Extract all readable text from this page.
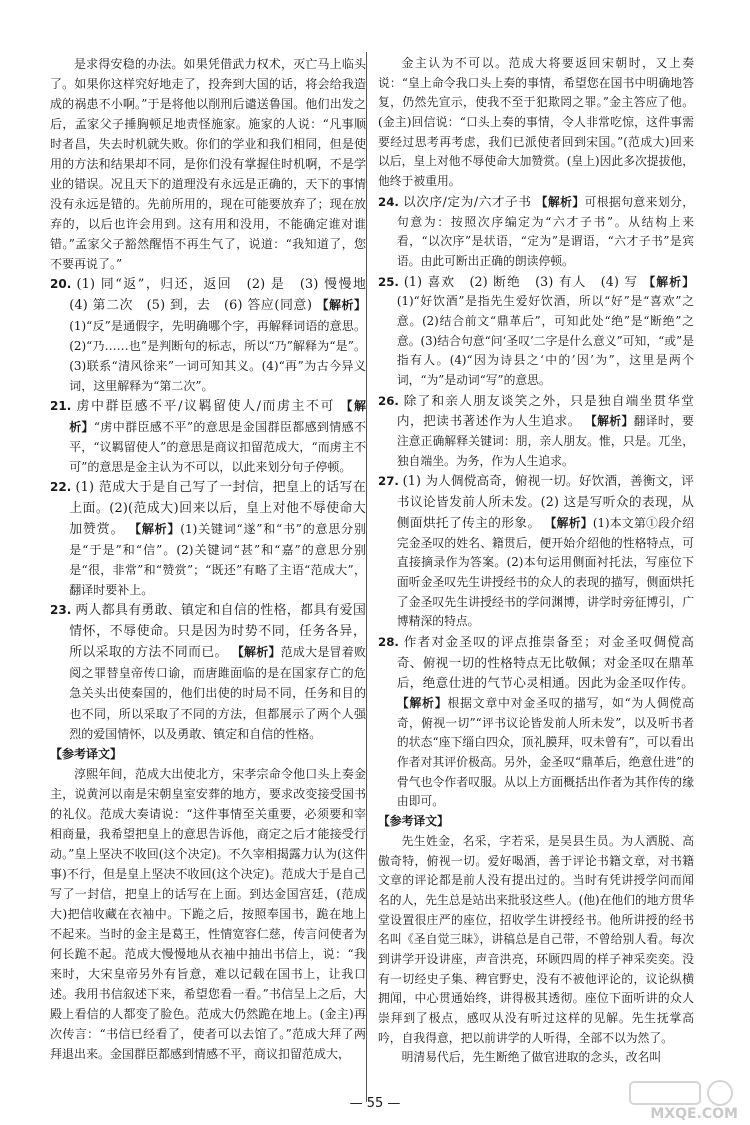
是求得安稳的办法。如果凭借武力权术，灭亡马上临头了。如果你这样究好地走了，投奔到大国的话，将会给我造成的祸患不小啊。”于是将他以削刑后谴送鲁国。他们出发之后，孟家父子捶胸顿足地责怪施家。施家的人说：“凡事顺时者昌，失去时机就失败。你们的学业和我们相同，但是使用的方法和结果却不同，是你们没有掌握住时机啊，不是学业的错误。况且天下的道理没有永远是正确的，天下的事情没有永远是错的。先前所用的，现在可能要放弃了；现在放弃的，以后也许会用到。这有用和没用，不能确定谁对谁错。”孟家父子豁然醒悟不再生气了，说道：“我知道了，您不要再说了。”

20. (1) 同“返”，归还，返回　(2) 是　(3) 慢慢地　(4) 第二次　(5) 到，去　(6) 答应(同意) 【解析】(1)“反”是通假字，先明确哪个字，再解释词语的意思。(2)“乃……也”是判断句的标志，所以“乃”解释为“是”。(3)联系“清风徐来”一词可知其义。(4)“再”为古今异义词，这里解释为“第二次”。

21. 虏中群臣感不平/议羁留使人/而虏主不可 【解析】“虏中群臣感不平”的意思是金国群臣都感到情感不平，“议羁留使人”的意思是商议扣留范成大，“而虏主不可”的意思是金主认为不可以，以此来划分句子停顿。

22. (1) 范成大于是自己写了一封信，把皇上的话写在上面。(2)(范成大)回来以后，皇上对他不辱使命大加赞赏。 【解析】(1)关键词“遂”和“书”的意思分别是“于是”和“信”。(2)关键词“甚”和“嘉”的意思分别是“很，非常”和“赞赏”；“既还”有略了主语“范成大”，翻译时要补上。

23. 两人都具有勇敢、镇定和自信的性格，都具有爱国情怀，不辱使命。只是因为时势不同，任务各异，所以采取的方法不同而已。 【解析】范成大是冒着败阅之罪替皇帝传口谕，而唐雎面临的是在国家存亡的危急关头出使秦国的，他们出使的时局不同，任务和目的也不同，所以采取了不同的方法，但都展示了两个人强烈的爱国情怀，以及勇敢、镇定和自信的性格。

【参考译文】

淳熙年间，范成大出使北方，宋孝宗命令他口头上奏金主，说黄河以南是宋朝皇室安葬的地方，要求改变接受国书的礼仪。范成大奏请说：“这件事情至关重要，必须要和宰相商量，我希望把皇上的意思告诉他，商定之后才能接受行动。”皇上坚决不收回(这个决定)。不久宰相揭露力认为(这件事)不行，但是皇上坚决不收回(这个决定)。范成大于是自己写了一封信，把皇上的话写在上面。到达金国宫廷，(范成大)把信收藏在衣袖中。下跪之后，按照奉国书，跪在地上不起来。当时的金主是葛王，性情宽容仁慈，传言问使者为何长跪不起。范成大慢慢地从衣袖中抽出书信上，说：“我来时，大宋皇帝另外有旨意，难以记载在国书上，让我口述。我用书信叙述下来，希望您看一看。”书信呈上之后，大殿上看信的人都变了脸色。范成大仍然跪在地上。(金主)再次传言：“书信已经看了，使者可以去馆了。”范成大拜了两拜退出来。金国群臣都感到情感不平，商议扣留范成大，

金主认为不可以。范成大将要返回宋朝时，又上奏说：“皇上命令我口头上奏的事情，希望您在国书中明确地答复，仍然先宣示，使我不至于犯欺罔之罪。”金主答应了他。(金主)回信说：“口头上奏的事情，令人非常吃惊，这件事需要经过思考再考虑，我们已派使者回到宋国。”(范成大)回来以后，皇上对他不辱使命大加赞赏。(皇上)因此多次提拔他，他终于被重用。

24. 以次序/定为/六才子书 【解析】可根据句意来划分，句意为：按照次序编定为“六才子书”。从结构上来看，“以次序”是状语，“定为”是谓语，“六才子书”是宾语。由此可断出正确的朗读停顿。

25. (1) 喜欢　(2) 断绝　(3) 有人　(4) 写 【解析】(1)“好饮酒”是指先生爱好饮酒，所以“好”是“喜欢”之意。(2)结合前文“鼎革后”，可知此处“绝”是“断绝”之意。(3)结合句意“问‘圣叹’二字是什么意义”可知，“或”是指有人。(4)“因为诗县之‘中的’因’为”，这里是两个词，“为”是动词“写”的意思。

26. 除了和亲人朋友谈笑之外，只是独自端坐贯华堂内，把读书著述作为人生追求。 【解析】翻译时，要注意正确解释关键词：朋，亲人朋友。惟，只是。兀坐，独自端坐。为务，作为人生追求。

27. (1) 为人倜傥高奇，俯视一切。好饮酒，善衡文，评书议论皆发前人所未发。(2) 这是写听众的表现，从侧面烘托了传主的形象。 【解析】(1)本文第①段介绍完金圣叹的姓名、籍贯后，便开始介绍他的性格特点，可直接摘录作为答案。(2)本句运用侧面衬托法，写座位下面听金圣叹先生讲授经书的众人的表现的描写，侧面烘托了金圣叹先生讲授经书的学问渊博，讲学时旁征博引，广博精深的特点。

28. 作者对金圣叹的评点推崇备至；对金圣叹倜傥高奇、俯视一切的性格特点无比敬佩；对金圣叹在鼎革后，绝意仕进的气节心灵相通。因此为金圣叹作传。 【解析】根据文章中对金圣叹的描写，如“为人倜傥高奇，俯视一切”“评书议论皆发前人所未发”，以及听书者的状态“座下缁白四众，顶礼膜拜，叹未曾有”，可以看出作者对其评价极高。另外，金圣叹“鼎革后，绝意仕进”的骨气也令作者叹服。从以上方面概括出作者为其作传的缘由即可。

【参考译文】

先生姓金，名采，字若采，是吴县生员。为人洒脱、高傲奇特，俯视一切。爱好喝酒，善于评论书籍文章，对书籍文章的评论都是前人没有提出过的。当时有凭讲授学问而闻名的人，先生总是站出来批驳这些人。(他)在他们的地方贯华堂设置很庄严的座位，招收学生讲授经书。他所讲授的经书名叫《圣自觉三昧》，讲稿总是自己带，不曾给别人看。每次到讲学开设讲座，声音洪亮，环顾四周的样子神采奕奕。没有一切经史子集、稗官野史，没有不被他评论的，议论纵横拥闻，中心贯通始终，讲得极其透彻。座位下面听讲的众人崇拜到了极点，感叹从没有听过这样的见解。先生抚掌高吟，自我得意，把以前讲学的人听得，全部不以为然了。

明清易代后，先生断绝了做官进取的念头，改名叫

— 55 —
MXQE.COM
